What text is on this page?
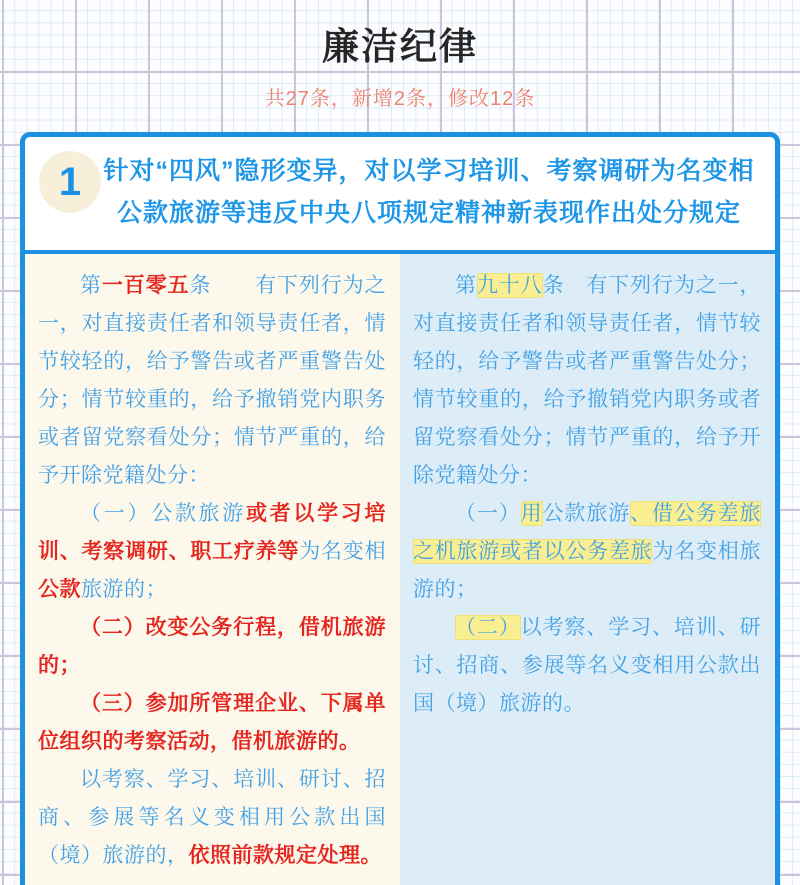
廉洁纪律
共27条，新增2条，修改12条
1 针对“四风”隐形变异，对以学习培训、考察调研为名变相
公款旅游等违反中央八项规定精神新表现作出处分规定

第一百零五条　　有下列行为之一，对直接责任者和领导责任者，情节较轻的，给予警告或者严重警告处分；情节较重的，给予撤销党内职务或者留党察看处分；情节严重的，给予开除党籍处分：

（一）公款旅游或者以学习培训、考察调研、职工疗养等为名变相公款旅游的；

（二）改变公务行程，借机旅游的；

（三）参加所管理企业、下属单位组织的考察活动，借机旅游的。

以考察、学习、培训、研讨、招商、参展等名义变相用公款出国（境）旅游的，依照前款规定处理。

第九十八条　有下列行为之一，对直接责任者和领导责任者，情节较轻的，给予警告或者严重警告处分；情节较重的，给予撤销党内职务或者留党察看处分；情节严重的，给予开除党籍处分：

（一）用公款旅游、借公务差旅之机旅游或者以公务差旅为名变相旅游的；

（二）以考察、学习、培训、研讨、招商、参展等名义变相用公款出国（境）旅游的。
